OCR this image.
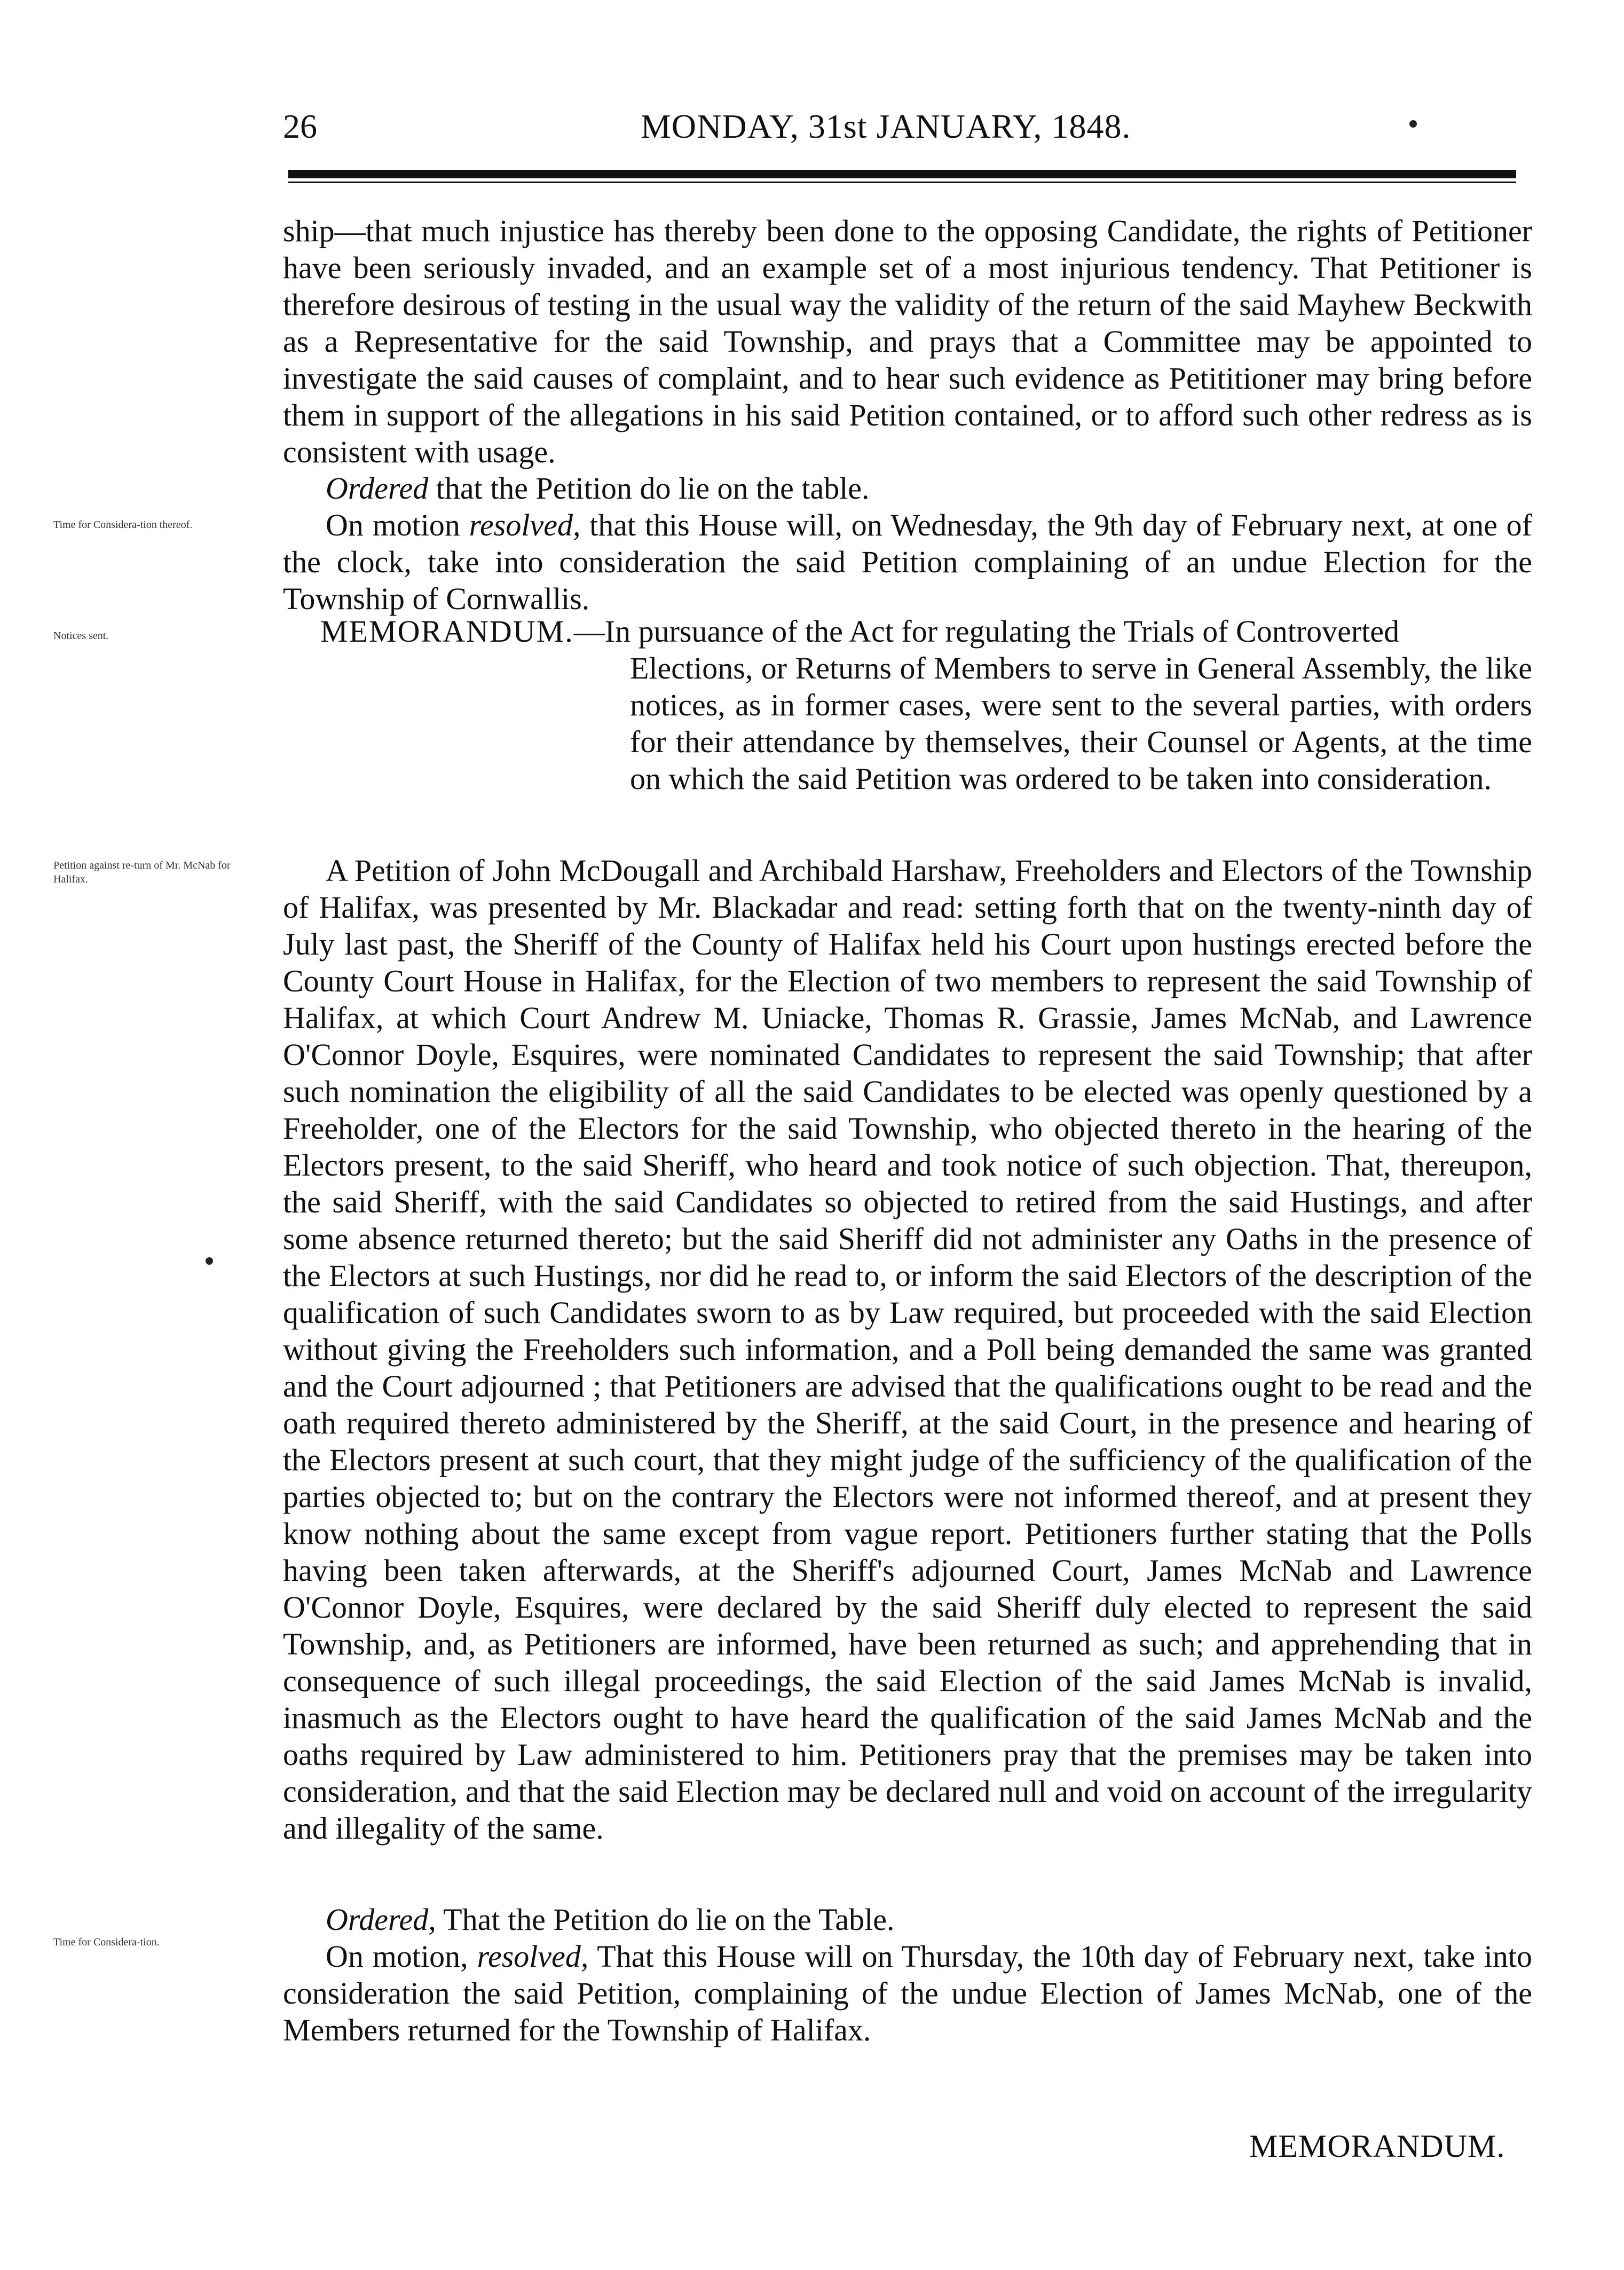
26	MONDAY, 31st JANUARY, 1848.
Time for Considera-tion thereof.
Notices sent.
Petition against re-turn of Mr. McNab for Halifax.
Time for Considera-tion.
ship—that much injustice has thereby been done to the opposing Candidate, the rights of Petitioner have been seriously invaded, and an example set of a most injurious tendency. That Petitioner is therefore desirous of testing in the usual way the validity of the return of the said Mayhew Beckwith as a Representative for the said Township, and prays that a Committee may be appointed to investigate the said causes of complaint, and to hear such evidence as Petititioner may bring before them in support of the allegations in his said Petition contained, or to afford such other redress as is consistent with usage.
Ordered that the Petition do lie on the table.
On motion resolved, that this House will, on Wednesday, the 9th day of February next, at one of the clock, take into consideration the said Petition complaining of an undue Election for the Township of Cornwallis.
MEMORANDUM.—In pursuance of the Act for regulating the Trials of Controverted
Elections, or Returns of Members to serve in General Assembly, the like notices, as in former cases, were sent to the several parties, with orders for their attendance by themselves, their Counsel or Agents, at the time on which the said Petition was ordered to be taken into consideration.
A Petition of John McDougall and Archibald Harshaw, Freeholders and Electors of the Township of Halifax, was presented by Mr. Blackadar and read: setting forth that on the twenty-ninth day of July last past, the Sheriff of the County of Halifax held his Court upon hustings erected before the County Court House in Halifax, for the Election of two members to represent the said Township of Halifax, at which Court Andrew M. Uniacke, Thomas R. Grassie, James McNab, and Lawrence O'Connor Doyle, Esquires, were nominated Candidates to represent the said Township; that after such nomination the eligibility of all the said Candidates to be elected was openly questioned by a Freeholder, one of the Electors for the said Township, who objected thereto in the hearing of the Electors present, to the said Sheriff, who heard and took notice of such objection. That, thereupon, the said Sheriff, with the said Candidates so objected to retired from the said Hustings, and after some absence returned thereto; but the said Sheriff did not administer any Oaths in the presence of the Electors at such Hustings, nor did he read to, or inform the said Electors of the description of the qualification of such Candidates sworn to as by Law required, but proceeded with the said Election without giving the Freeholders such information, and a Poll being demanded the same was granted and the Court adjourned ; that Petitioners are advised that the qualifications ought to be read and the oath required thereto administered by the Sheriff, at the said Court, in the presence and hearing of the Electors present at such court, that they might judge of the sufficiency of the qualification of the parties objected to; but on the contrary the Electors were not informed thereof, and at present they know nothing about the same except from vague report. Petitioners further stating that the Polls having been taken afterwards, at the Sheriff's adjourned Court, James McNab and Lawrence O'Connor Doyle, Esquires, were declared by the said Sheriff duly elected to represent the said Township, and, as Petitioners are informed, have been returned as such; and apprehending that in consequence of such illegal proceedings, the said Election of the said James McNab is invalid, inasmuch as the Electors ought to have heard the qualification of the said James McNab and the oaths required by Law administered to him. Petitioners pray that the premises may be taken into consideration, and that the said Election may be declared null and void on account of the irregularity and illegality of the same.
Ordered, That the Petition do lie on the Table.
On motion, resolved, That this House will on Thursday, the 10th day of February next, take into consideration the said Petition, complaining of the undue Election of James McNab, one of the Members returned for the Township of Halifax.
MEMORANDUM.
